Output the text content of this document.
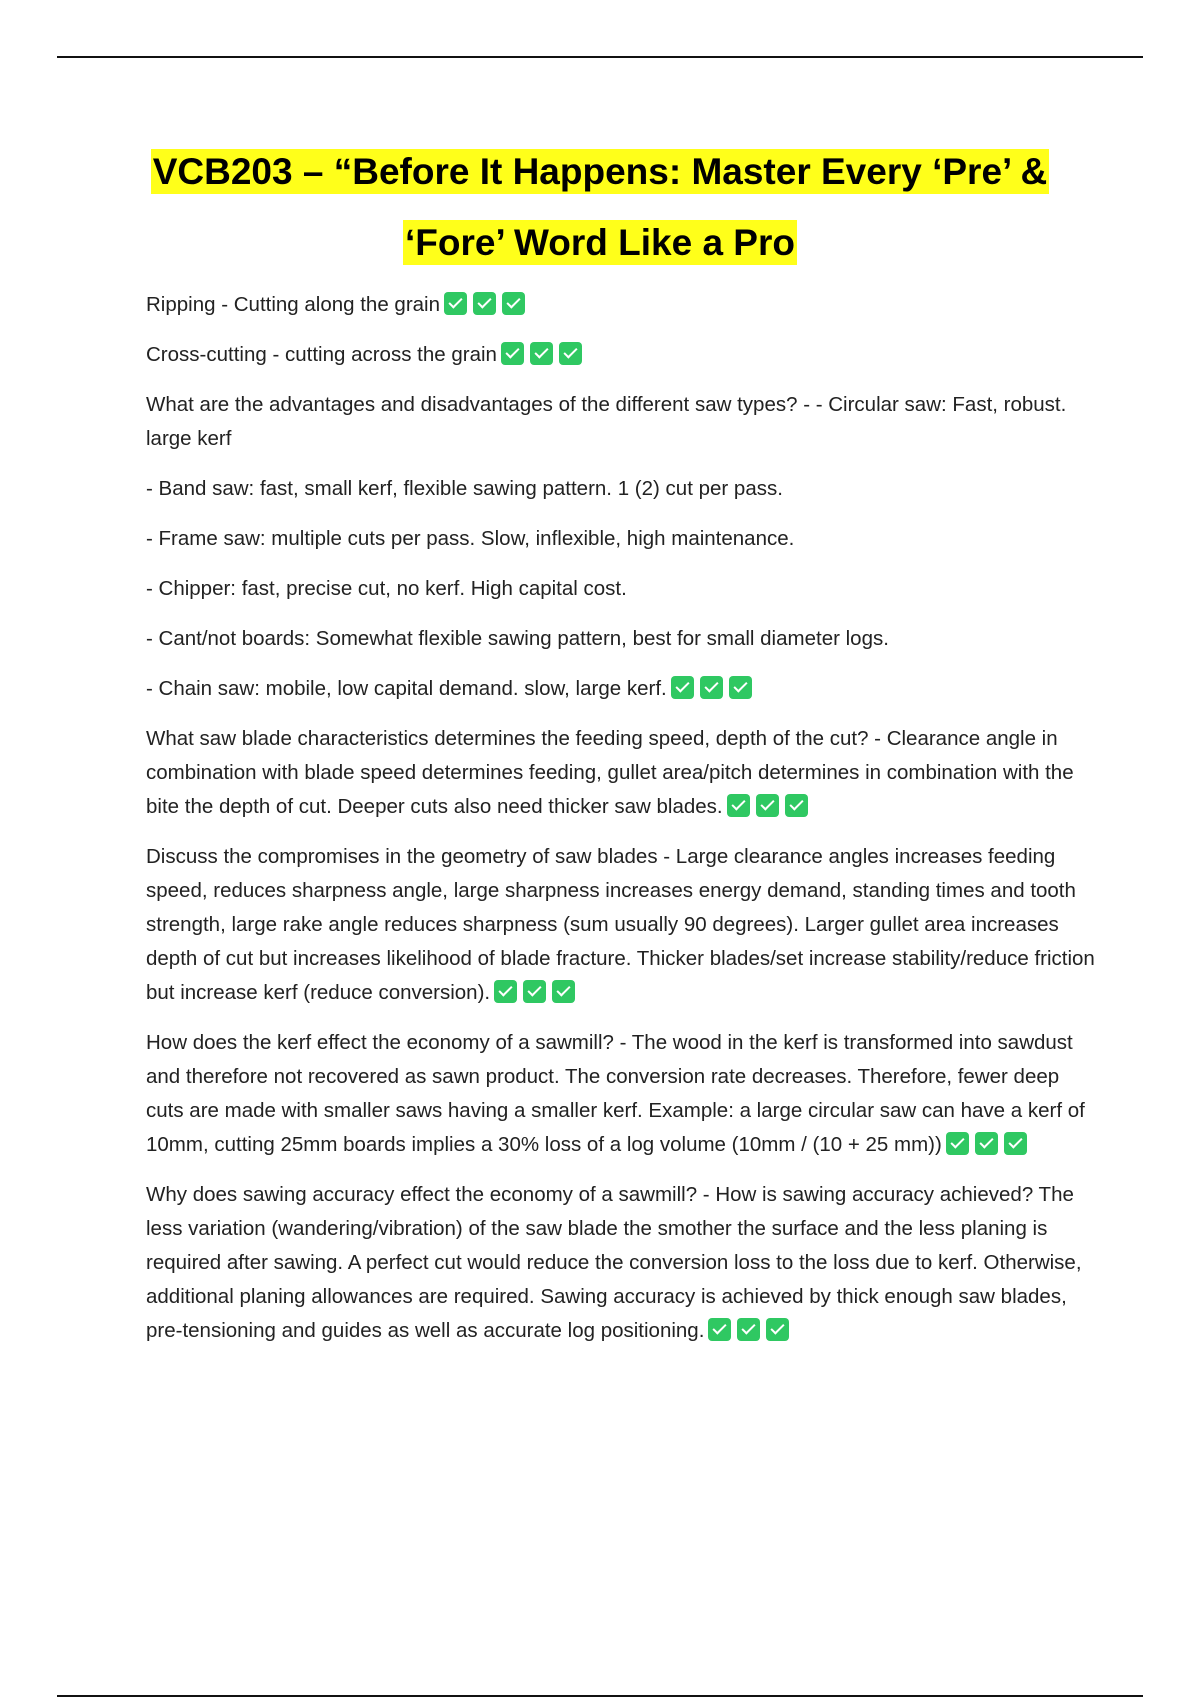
VCB203 – “Before It Happens: Master Every ‘Pre’ & ‘Fore’ Word Like a Pro

Ripping - Cutting along the grain

Cross-cutting - cutting across the grain

What are the advantages and disadvantages of the different saw types? - - Circular saw: Fast, robust. large kerf

- Band saw: fast, small kerf, flexible sawing pattern. 1 (2) cut per pass.

- Frame saw: multiple cuts per pass. Slow, inflexible, high maintenance.

- Chipper: fast, precise cut, no kerf. High capital cost.

- Cant/not boards: Somewhat flexible sawing pattern, best for small diameter logs.

- Chain saw: mobile, low capital demand. slow, large kerf.

What saw blade characteristics determines the feeding speed, depth of the cut? - Clearance angle in combination with blade speed determines feeding, gullet area/pitch determines in combination with the bite the depth of cut. Deeper cuts also need thicker saw blades.

Discuss the compromises in the geometry of saw blades - Large clearance angles increases feeding speed, reduces sharpness angle, large sharpness increases energy demand, standing times and tooth strength, large rake angle reduces sharpness (sum usually 90 degrees). Larger gullet area increases depth of cut but increases likelihood of blade fracture. Thicker blades/set increase stability/reduce friction but increase kerf (reduce conversion).

How does the kerf effect the economy of a sawmill? - The wood in the kerf is transformed into sawdust and therefore not recovered as sawn product. The conversion rate decreases. Therefore, fewer deep cuts are made with smaller saws having a smaller kerf. Example: a large circular saw can have a kerf of 10mm, cutting 25mm boards implies a 30% loss of a log volume (10mm / (10 + 25 mm))

Why does sawing accuracy effect the economy of a sawmill? - How is sawing accuracy achieved? The less variation (wandering/vibration) of the saw blade the smother the surface and the less planing is required after sawing. A perfect cut would reduce the conversion loss to the loss due to kerf. Otherwise, additional planing allowances are required. Sawing accuracy is achieved by thick enough saw blades, pre-tensioning and guides as well as accurate log positioning.
